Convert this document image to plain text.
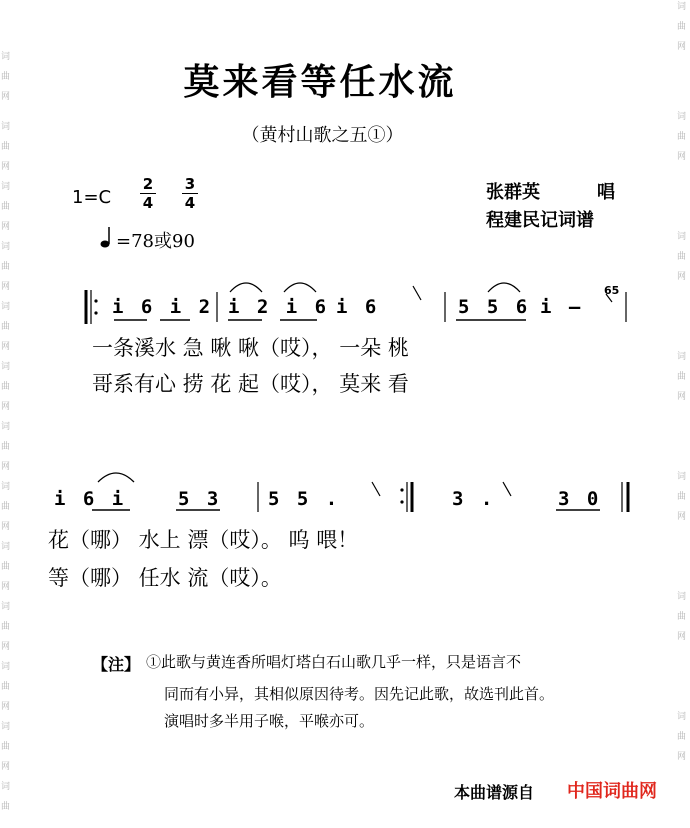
词
曲
网
词
曲
网
词
曲
网
词
曲
网
词
曲
网
词
曲
网
词
曲
网
词
曲
网
词
曲
网
词
曲
网
词
曲
网
词
曲
网
词
曲
词
曲
网
词
曲
网
词
曲
网
词
曲
网
词
曲
网
词
曲
网
词
曲
网
莫来看等任水流
（黄村山歌之五①）
1=C
2
4
3
4
=78或90
张群英	唱
程建民记词谱
i 6 i 2 i 2 i 6 i 6	5 5 6 i –
65
一条溪水 急 啾 啾（哎）， 一朵 桃
哥系有心 捞 花 起（哎）， 莫来 看
i 6 i	5 3 5 5 .	3 .	3 0
花（哪） 水上 漂（哎）。 呜 喂！
等（哪） 任水 流（哎）。
【注】 ①此歌与黄连香所唱灯塔白石山歌几乎一样，只是语言不
同而有小异，其相似原因待考。因先记此歌，故选刊此首。
演唱时多半用子喉，平喉亦可。
本曲谱源自 中国词曲网
